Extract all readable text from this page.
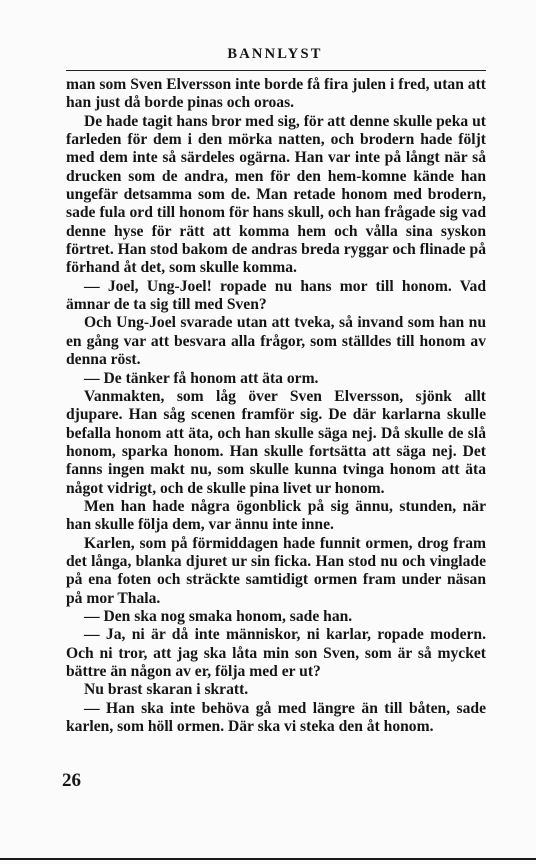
BANNLYST

man som Sven Elversson inte borde få fira julen i fred, utan att han just då borde pinas och oroas.

De hade tagit hans bror med sig, för att denne skulle peka ut farleden för dem i den mörka natten, och brodern hade följt med dem inte så särdeles ogärna. Han var inte på långt när så drucken som de andra, men för den hem-komne kände han ungefär detsamma som de. Man retade honom med brodern, sade fula ord till honom för hans skull, och han frågade sig vad denne hyse för rätt att komma hem och vålla sina syskon förtret. Han stod bakom de andras breda ryggar och flinade på förhand åt det, som skulle komma.

— Joel, Ung-Joel! ropade nu hans mor till honom. Vad ämnar de ta sig till med Sven?

Och Ung-Joel svarade utan att tveka, så invand som han nu en gång var att besvara alla frågor, som ställdes till honom av denna röst.

— De tänker få honom att äta orm.

Vanmakten, som låg över Sven Elversson, sjönk allt djupare. Han såg scenen framför sig. De där karlarna skulle befalla honom att äta, och han skulle säga nej. Då skulle de slå honom, sparka honom. Han skulle fortsätta att säga nej. Det fanns ingen makt nu, som skulle kunna tvinga honom att äta något vidrigt, och de skulle pina livet ur honom.

Men han hade några ögonblick på sig ännu, stunden, när han skulle följa dem, var ännu inte inne.

Karlen, som på förmiddagen hade funnit ormen, drog fram det långa, blanka djuret ur sin ficka. Han stod nu och vinglade på ena foten och sträckte samtidigt ormen fram under näsan på mor Thala.

— Den ska nog smaka honom, sade han.

— Ja, ni är då inte människor, ni karlar, ropade modern. Och ni tror, att jag ska låta min son Sven, som är så mycket bättre än någon av er, följa med er ut?

Nu brast skaran i skratt.

— Han ska inte behöva gå med längre än till båten, sade karlen, som höll ormen. Där ska vi steka den åt honom.

26
